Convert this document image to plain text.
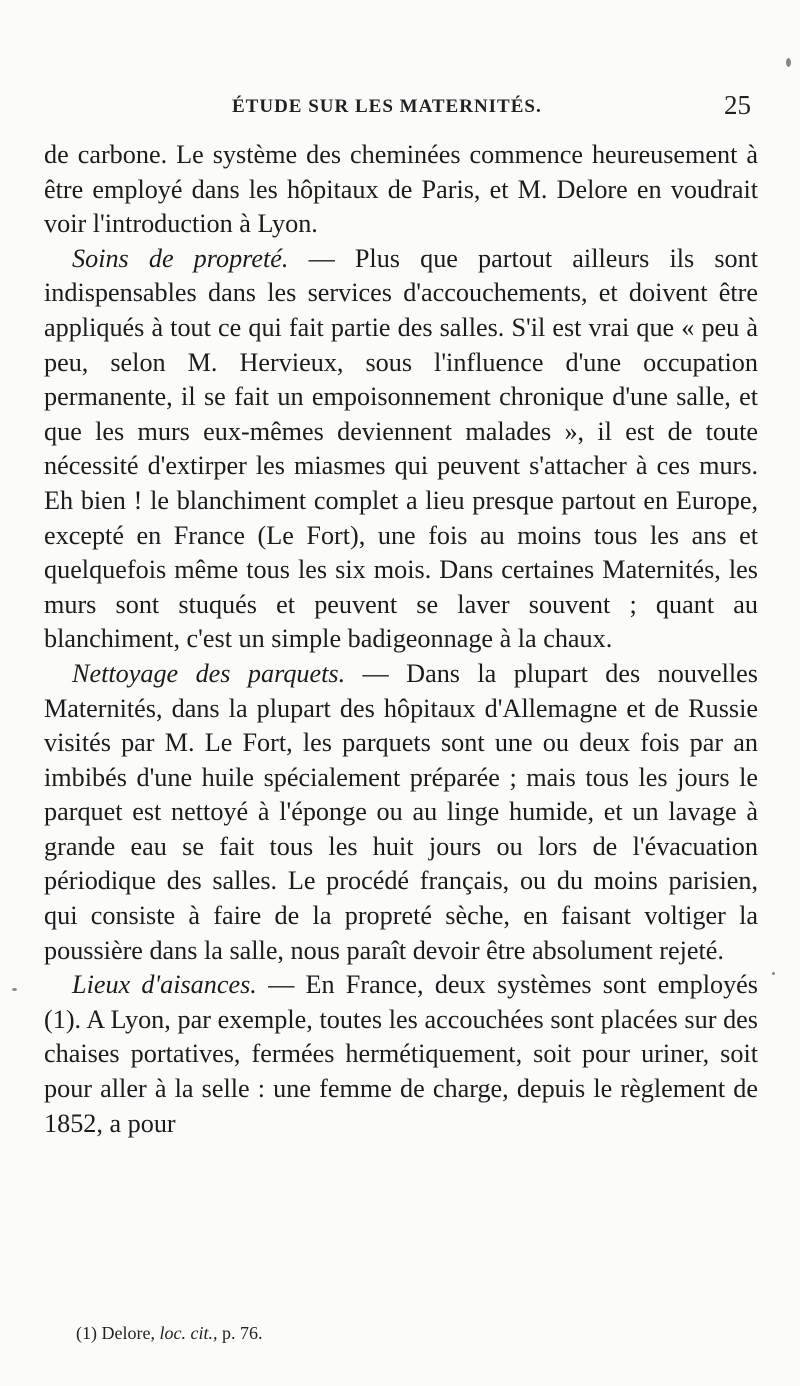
ÉTUDE SUR LES MATERNITÉS.	25

de carbone. Le système des cheminées commence heureusement à être employé dans les hôpitaux de Paris, et M. Delore en voudrait voir l'introduction à Lyon.

Soins de propreté. — Plus que partout ailleurs ils sont indispensables dans les services d'accouchements, et doivent être appliqués à tout ce qui fait partie des salles. S'il est vrai que « peu à peu, selon M. Hervieux, sous l'influence d'une occupation permanente, il se fait un empoisonnement chronique d'une salle, et que les murs eux-mêmes deviennent malades », il est de toute nécessité d'extirper les miasmes qui peuvent s'attacher à ces murs. Eh bien ! le blanchiment complet a lieu presque partout en Europe, excepté en France (Le Fort), une fois au moins tous les ans et quelquefois même tous les six mois. Dans certaines Maternités, les murs sont stuqués et peuvent se laver souvent ; quant au blanchiment, c'est un simple badigeonnage à la chaux.

Nettoyage des parquets. — Dans la plupart des nouvelles Maternités, dans la plupart des hôpitaux d'Allemagne et de Russie visités par M. Le Fort, les parquets sont une ou deux fois par an imbibés d'une huile spécialement préparée ; mais tous les jours le parquet est nettoyé à l'éponge ou au linge humide, et un lavage à grande eau se fait tous les huit jours ou lors de l'évacuation périodique des salles. Le procédé français, ou du moins parisien, qui consiste à faire de la propreté sèche, en faisant voltiger la poussière dans la salle, nous paraît devoir être absolument rejeté.

Lieux d'aisances. — En France, deux systèmes sont employés (1). A Lyon, par exemple, toutes les accouchées sont placées sur des chaises portatives, fermées hermétiquement, soit pour uriner, soit pour aller à la selle : une femme de charge, depuis le règlement de 1852, a pour

(1) Delore, loc. cit., p. 76.
